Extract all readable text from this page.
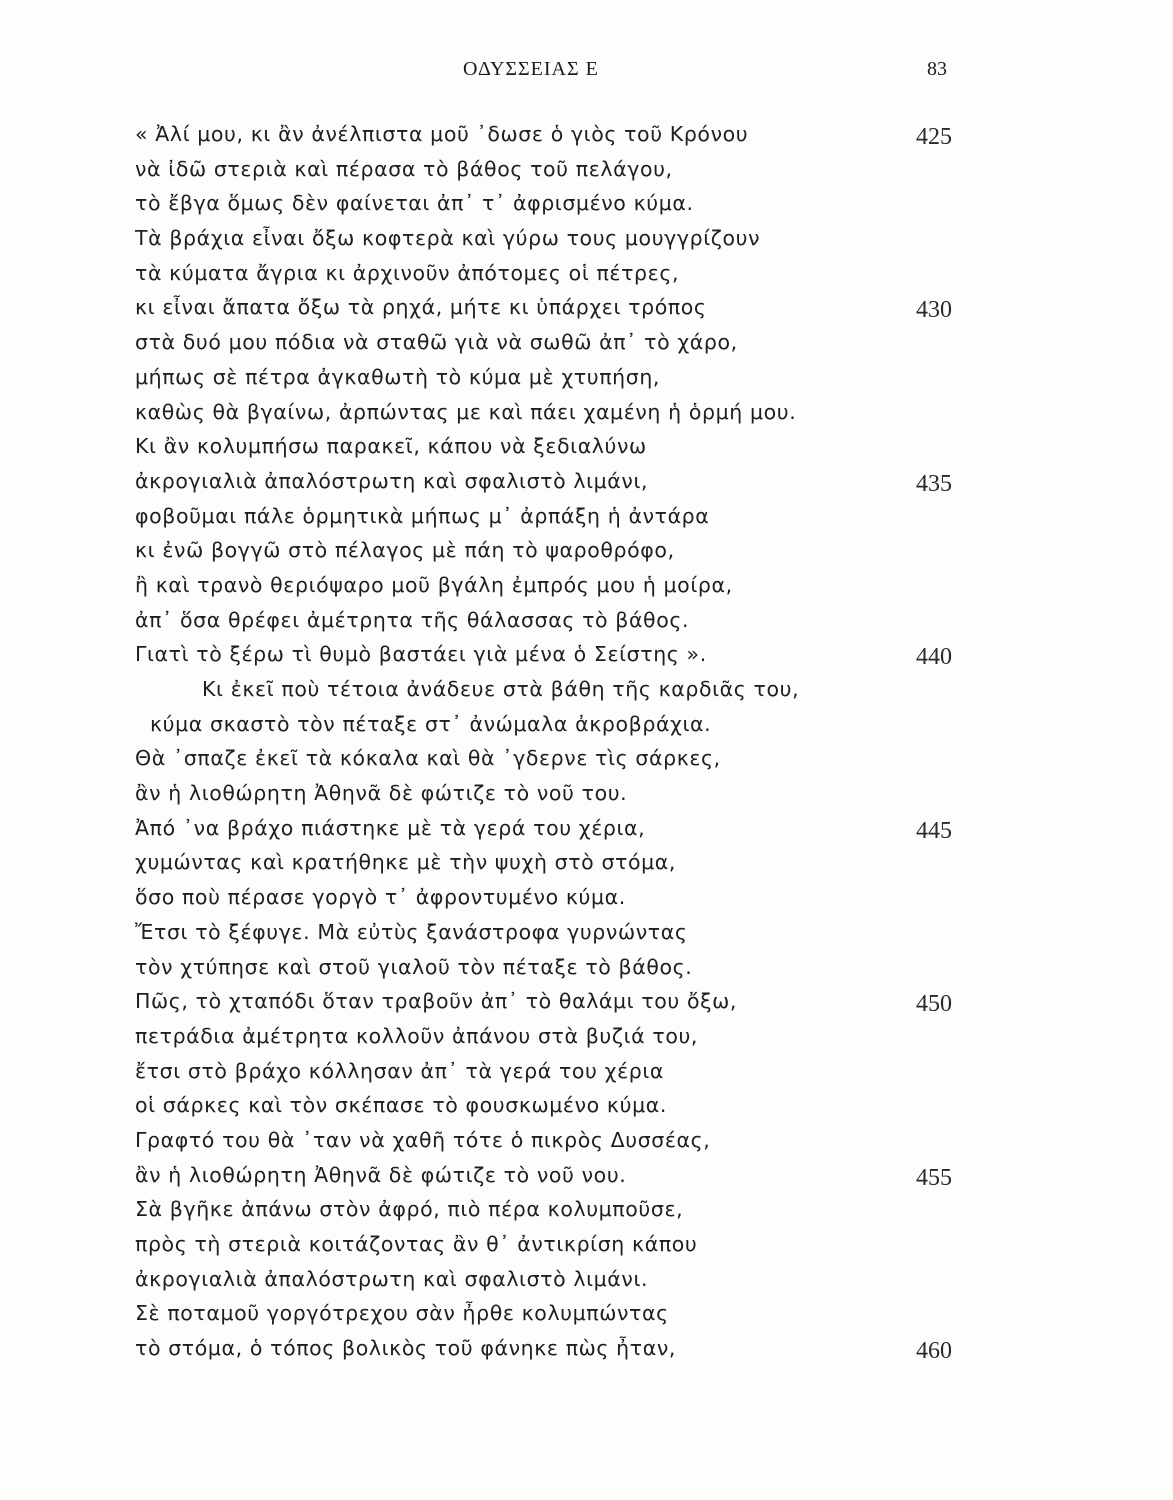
ΟΔΥΣΣΕΙΑΣ Ε	83
« Ἀλί μου, κι ἂν ἀνέλπιστα μοῦ ᾽δωσε ὁ γιὸς τοῦ Κρόνου	425
νὰ ἰδῶ στεριὰ καὶ πέρασα τὸ βάθος τοῦ πελάγου,
τὸ ἔβγα ὅμως δὲν φαίνεται ἀπ᾽ τ᾽ ἀφρισμένο κύμα.
Τὰ βράχια εἶναι ὄξω κοφτερὰ καὶ γύρω τους μουγγρίζουν
τὰ κύματα ἄγρια κι ἀρχινοῦν ἀπότομες οἱ πέτρες,
κι εἶναι ἄπατα ὄξω τὰ ρηχά, μήτε κι ὑπάρχει τρόπος	430
στὰ δυό μου πόδια νὰ σταθῶ γιὰ νὰ σωθῶ ἀπ᾽ τὸ χάρο,
μήπως σὲ πέτρα ἀγκαθωτὴ τὸ κύμα μὲ χτυπήση,
καθὼς θὰ βγαίνω, ἀρπώντας με καὶ πάει χαμένη ἡ ὁρμή μου.
Κι ἂν κολυμπήσω παρακεῖ, κάπου νὰ ξεδιαλύνω
ἀκρογιαλιὰ ἀπαλόστρωτη καὶ σφαλιστὸ λιμάνι,	435
φοβοῦμαι πάλε ὁρμητικὰ μήπως μ᾽ ἀρπάξη ἡ ἀντάρα
κι ἐνῶ βογγῶ στὸ πέλαγος μὲ πάη τὸ ψαροθρόφο,
ἢ καὶ τρανὸ θεριόψαρο μοῦ βγάλη ἐμπρός μου ἡ μοίρα,
ἀπ᾽ ὅσα θρέφει ἀμέτρητα τῆς θάλασσας τὸ βάθος.
Γιατὶ τὸ ξέρω τὶ θυμὸ βαστάει γιὰ μένα ὁ Σείστης ».	440
Κι ἐκεῖ ποὺ τέτοια ἀνάδευε στὰ βάθη τῆς καρδιᾶς του,
κύμα σκαστὸ τὸν πέταξε στ᾽ ἀνώμαλα ἀκροβράχια.
Θὰ ᾽σπαζε ἐκεῖ τὰ κόκαλα καὶ θὰ ᾽γδερνε τὶς σάρκες,
ἂν ἡ λιοθώρητη Ἀθηνᾶ δὲ φώτιζε τὸ νοῦ του.
Ἀπό ᾽να βράχο πιάστηκε μὲ τὰ γερά του χέρια,	445
χυμώντας καὶ κρατήθηκε μὲ τὴν ψυχὴ στὸ στόμα,
ὅσο ποὺ πέρασε γοργὸ τ᾽ ἀφροντυμένο κύμα.
Ἔτσι τὸ ξέφυγε. Μὰ εὐτὺς ξανάστροφα γυρνώντας
τὸν χτύπησε καὶ στοῦ γιαλοῦ τὸν πέταξε τὸ βάθος.
Πῶς, τὸ χταπόδι ὅταν τραβοῦν ἀπ᾽ τὸ θαλάμι του ὄξω,	450
πετράδια ἀμέτρητα κολλοῦν ἀπάνου στὰ βυζιά του,
ἔτσι στὸ βράχο κόλλησαν ἀπ᾽ τὰ γερά του χέρια
οἱ σάρκες καὶ τὸν σκέπασε τὸ φουσκωμένο κύμα.
Γραφτό του θὰ ᾽ταν νὰ χαθῆ τότε ὁ πικρὸς Δυσσέας,
ἂν ἡ λιοθώρητη Ἀθηνᾶ δὲ φώτιζε τὸ νοῦ νου.	455
Σὰ βγῆκε ἀπάνω στὸν ἀφρό, πιὸ πέρα κολυμποῦσε,
πρὸς τὴ στεριὰ κοιτάζοντας ἂν θ᾽ ἀντικρίση κάπου
ἀκρογιαλιὰ ἀπαλόστρωτη καὶ σφαλιστὸ λιμάνι.
Σὲ ποταμοῦ γοργότρεχου σὰν ἦρθε κολυμπώντας
τὸ στόμα, ὁ τόπος βολικὸς τοῦ φάνηκε πὼς ἦταν,	460
